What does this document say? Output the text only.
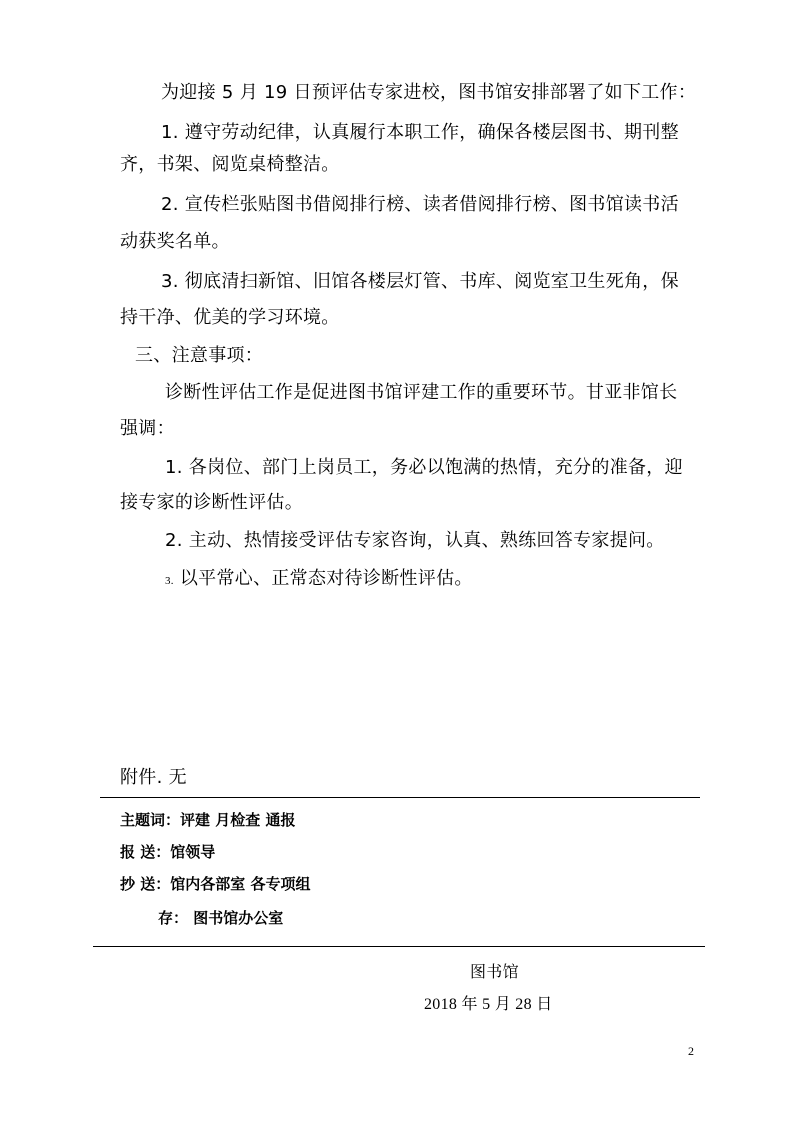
为迎接 5 月 19 日预评估专家进校，图书馆安排部署了如下工作：
1. 遵守劳动纪律，认真履行本职工作，确保各楼层图书、期刊整
齐，书架、阅览桌椅整洁。
2. 宣传栏张贴图书借阅排行榜、读者借阅排行榜、图书馆读书活
动获奖名单。
3. 彻底清扫新馆、旧馆各楼层灯管、书库、阅览室卫生死角，保
持干净、优美的学习环境。
三、注意事项：
诊断性评估工作是促进图书馆评建工作的重要环节。甘亚非馆长
强调：
1. 各岗位、部门上岗员工，务必以饱满的热情，充分的准备，迎
接专家的诊断性评估。
2. 主动、热情接受评估专家咨询，认真、熟练回答专家提问。
3. 以平常心、正常态对待诊断性评估。
附件. 无
主题词：评建 月检查 通报
报 送：馆领导
抄 送：馆内各部室 各专项组
存： 图书馆办公室
图书馆
2018 年 5 月 28 日
2
